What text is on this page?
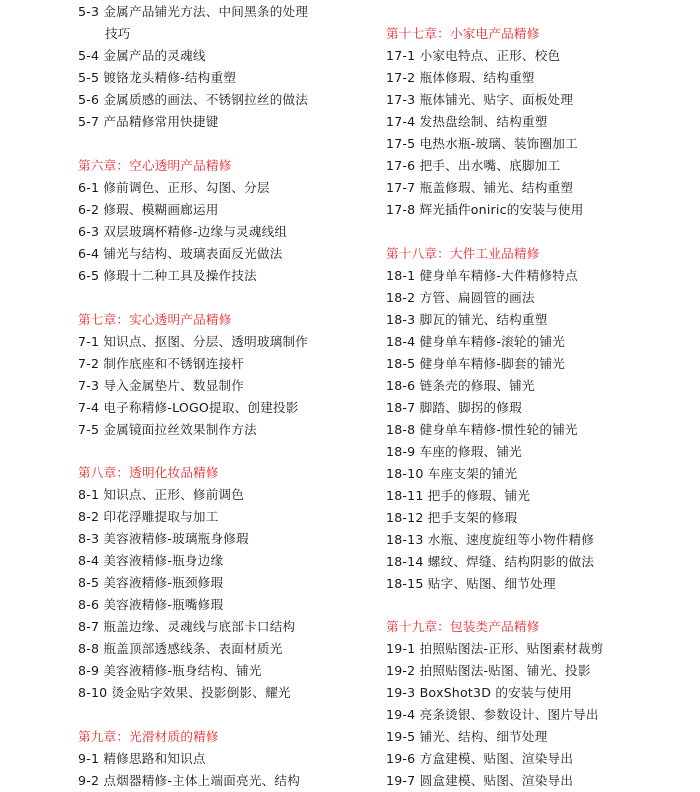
5-3 金属产品铺光方法、中间黑条的处理
技巧
5-4 金属产品的灵魂线
5-5 镀铬龙头精修-结构重塑
5-6 金属质感的画法、不锈钢拉丝的做法
5-7 产品精修常用快捷键
第六章：空心透明产品精修
6-1 修前调色、正形、勾图、分层
6-2 修瑕、模糊画廊运用
6-3 双层玻璃杯精修-边缘与灵魂线组
6-4 铺光与结构、玻璃表面反光做法
6-5 修瑕十二种工具及操作技法
第七章：实心透明产品精修
7-1 知识点、抠图、分层、透明玻璃制作
7-2 制作底座和不锈钢连接杆
7-3 导入金属垫片、数显制作
7-4 电子称精修-LOGO提取、创建投影
7-5 金属镜面拉丝效果制作方法
第八章：透明化妆品精修
8-1 知识点、正形、修前调色
8-2 印花浮雕提取与加工
8-3 美容液精修-玻璃瓶身修瑕
8-4 美容液精修-瓶身边缘
8-5 美容液精修-瓶颈修瑕
8-6 美容液精修-瓶嘴修瑕
8-7 瓶盖边缘、灵魂线与底部卡口结构
8-8 瓶盖顶部透感线条、表面材质光
8-9 美容液精修-瓶身结构、铺光
8-10 烫金贴字效果、投影倒影、耀光
第九章：光滑材质的精修
9-1 精修思路和知识点
9-2 点烟器精修-主体上端面亮光、结构
第十七章：小家电产品精修
17-1 小家电特点、正形、校色
17-2 瓶体修瑕、结构重塑
17-3 瓶体铺光、贴字、面板处理
17-4 发热盘绘制、结构重塑
17-5 电热水瓶-玻璃、装饰圈加工
17-6 把手、出水嘴、底脚加工
17-7 瓶盖修瑕、铺光、结构重塑
17-8 辉光插件oniric的安装与使用
第十八章：大件工业品精修
18-1 健身单车精修-大件精修特点
18-2 方管、扁圆管的画法
18-3 脚瓦的铺光、结构重塑
18-4 健身单车精修-滚轮的铺光
18-5 健身单车精修-脚套的铺光
18-6 链条壳的修瑕、铺光
18-7 脚踏、脚拐的修瑕
18-8 健身单车精修-惯性轮的铺光
18-9 车座的修瑕、铺光
18-10 车座支架的铺光
18-11 把手的修瑕、铺光
18-12 把手支架的修瑕
18-13 水瓶、速度旋纽等小物件精修
18-14 螺纹、焊缝、结构阴影的做法
18-15 贴字、贴图、细节处理
第十九章：包装类产品精修
19-1 拍照贴图法-正形、贴图素材裁剪
19-2 拍照贴图法-贴图、铺光、投影
19-3 BoxShot3D 的安装与使用
19-4 亮条烫银、参数设计、图片导出
19-5 铺光、结构、细节处理
19-6 方盒建模、贴图、渲染导出
19-7 圆盒建模、贴图、渲染导出
